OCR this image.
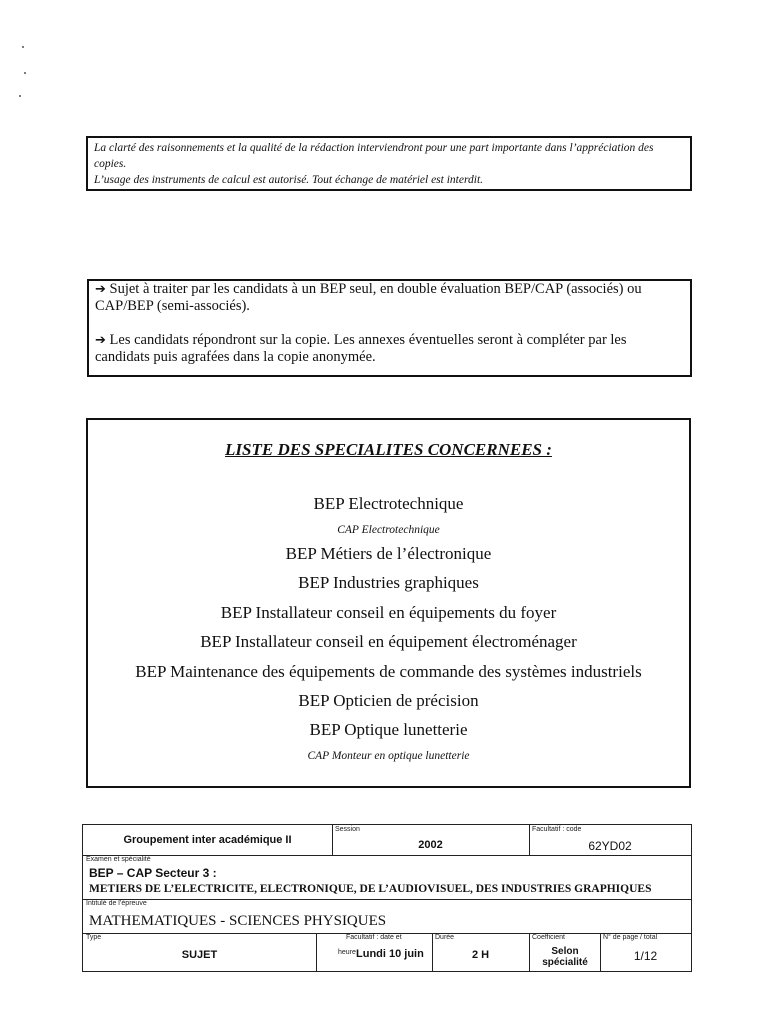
La clarté des raisonnements et la qualité de la rédaction interviendront pour une part importante dans l’appréciation des copies.

L’usage des instruments de calcul est autorisé. Tout échange de matériel est interdit.

➔ Sujet à traiter par les candidats à un BEP seul, en double évaluation BEP/CAP (associés) ou CAP/BEP (semi-associés).

➔ Les candidats répondront sur la copie. Les annexes éventuelles seront à compléter par les candidats puis agrafées dans la copie anonymée.

LISTE DES SPECIALITES CONCERNEES :
BEP Electrotechnique
CAP Electrotechnique
BEP Métiers de l’électronique
BEP Industries graphiques
BEP Installateur conseil en équipements du foyer
BEP Installateur conseil en équipement électroménager
BEP Maintenance des équipements de commande des systèmes industriels
BEP Opticien de précision
BEP Optique lunetterie
CAP Monteur en optique lunetterie
Groupement inter académique II
Session
2002
Facultatif : code
62YD02
Examen et spécialité
BEP – CAP Secteur 3 :
METIERS DE L’ELECTRICITE, ELECTRONIQUE, DE L’AUDIOVISUEL, DES INDUSTRIES GRAPHIQUES
Intitulé de l’épreuve
MATHEMATIQUES - SCIENCES PHYSIQUES
Type
SUJET
Facultatif : date et
heure Lundi 10 juin
Durée
2 H
Coefficient
Selon spécialité
N° de page / total
1/12
